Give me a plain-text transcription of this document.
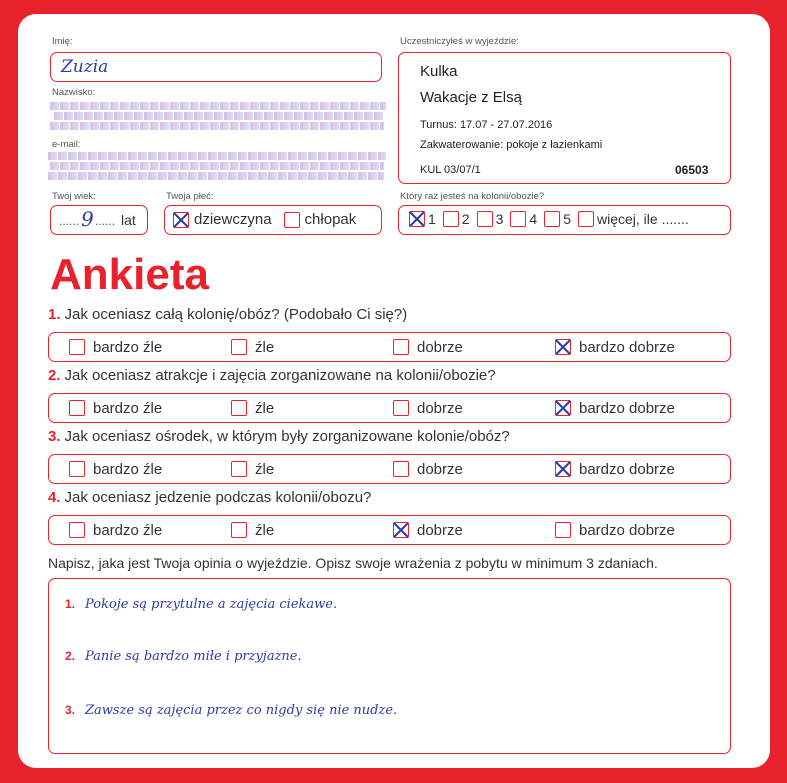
Imię:
Zuzia
Nazwisko:
e-mail:
Twój wiek:
...... 9 ...... lat
Twoja płeć:
dziewczyna chłopak
Uczestniczyłeś w wyjeździe:
Kulka
Wakacje z Elsą
Turnus: 17.07 - 27.07.2016
Zakwaterowanie: pokoje z łazienkami
KUL 03/07/1	06503
Który raz jesteś na kolonii/obozie?
1 2 3 4 5 więcej, ile .......
Ankieta
1. Jak oceniasz całą kolonię/obóz? (Podobało Ci się?)
bardzo źle	źle	dobrze	bardzo dobrze
2. Jak oceniasz atrakcje i zajęcia zorganizowane na kolonii/obozie?
bardzo źle	źle	dobrze	bardzo dobrze
3. Jak oceniasz ośrodek, w którym były zorganizowane kolonie/obóz?
bardzo źle	źle	dobrze	bardzo dobrze
4. Jak oceniasz jedzenie podczas kolonii/obozu?
bardzo źle	źle	dobrze	bardzo dobrze
Napisz, jaka jest Twoja opinia o wyjeździe. Opisz swoje wrażenia z pobytu w minimum 3 zdaniach.
1. Pokoje są przytulne a zajęcia ciekawe.
2. Panie są bardzo miłe i przyjazne.
3. Zawsze są zajęcia przez co nigdy się nie nudze.
